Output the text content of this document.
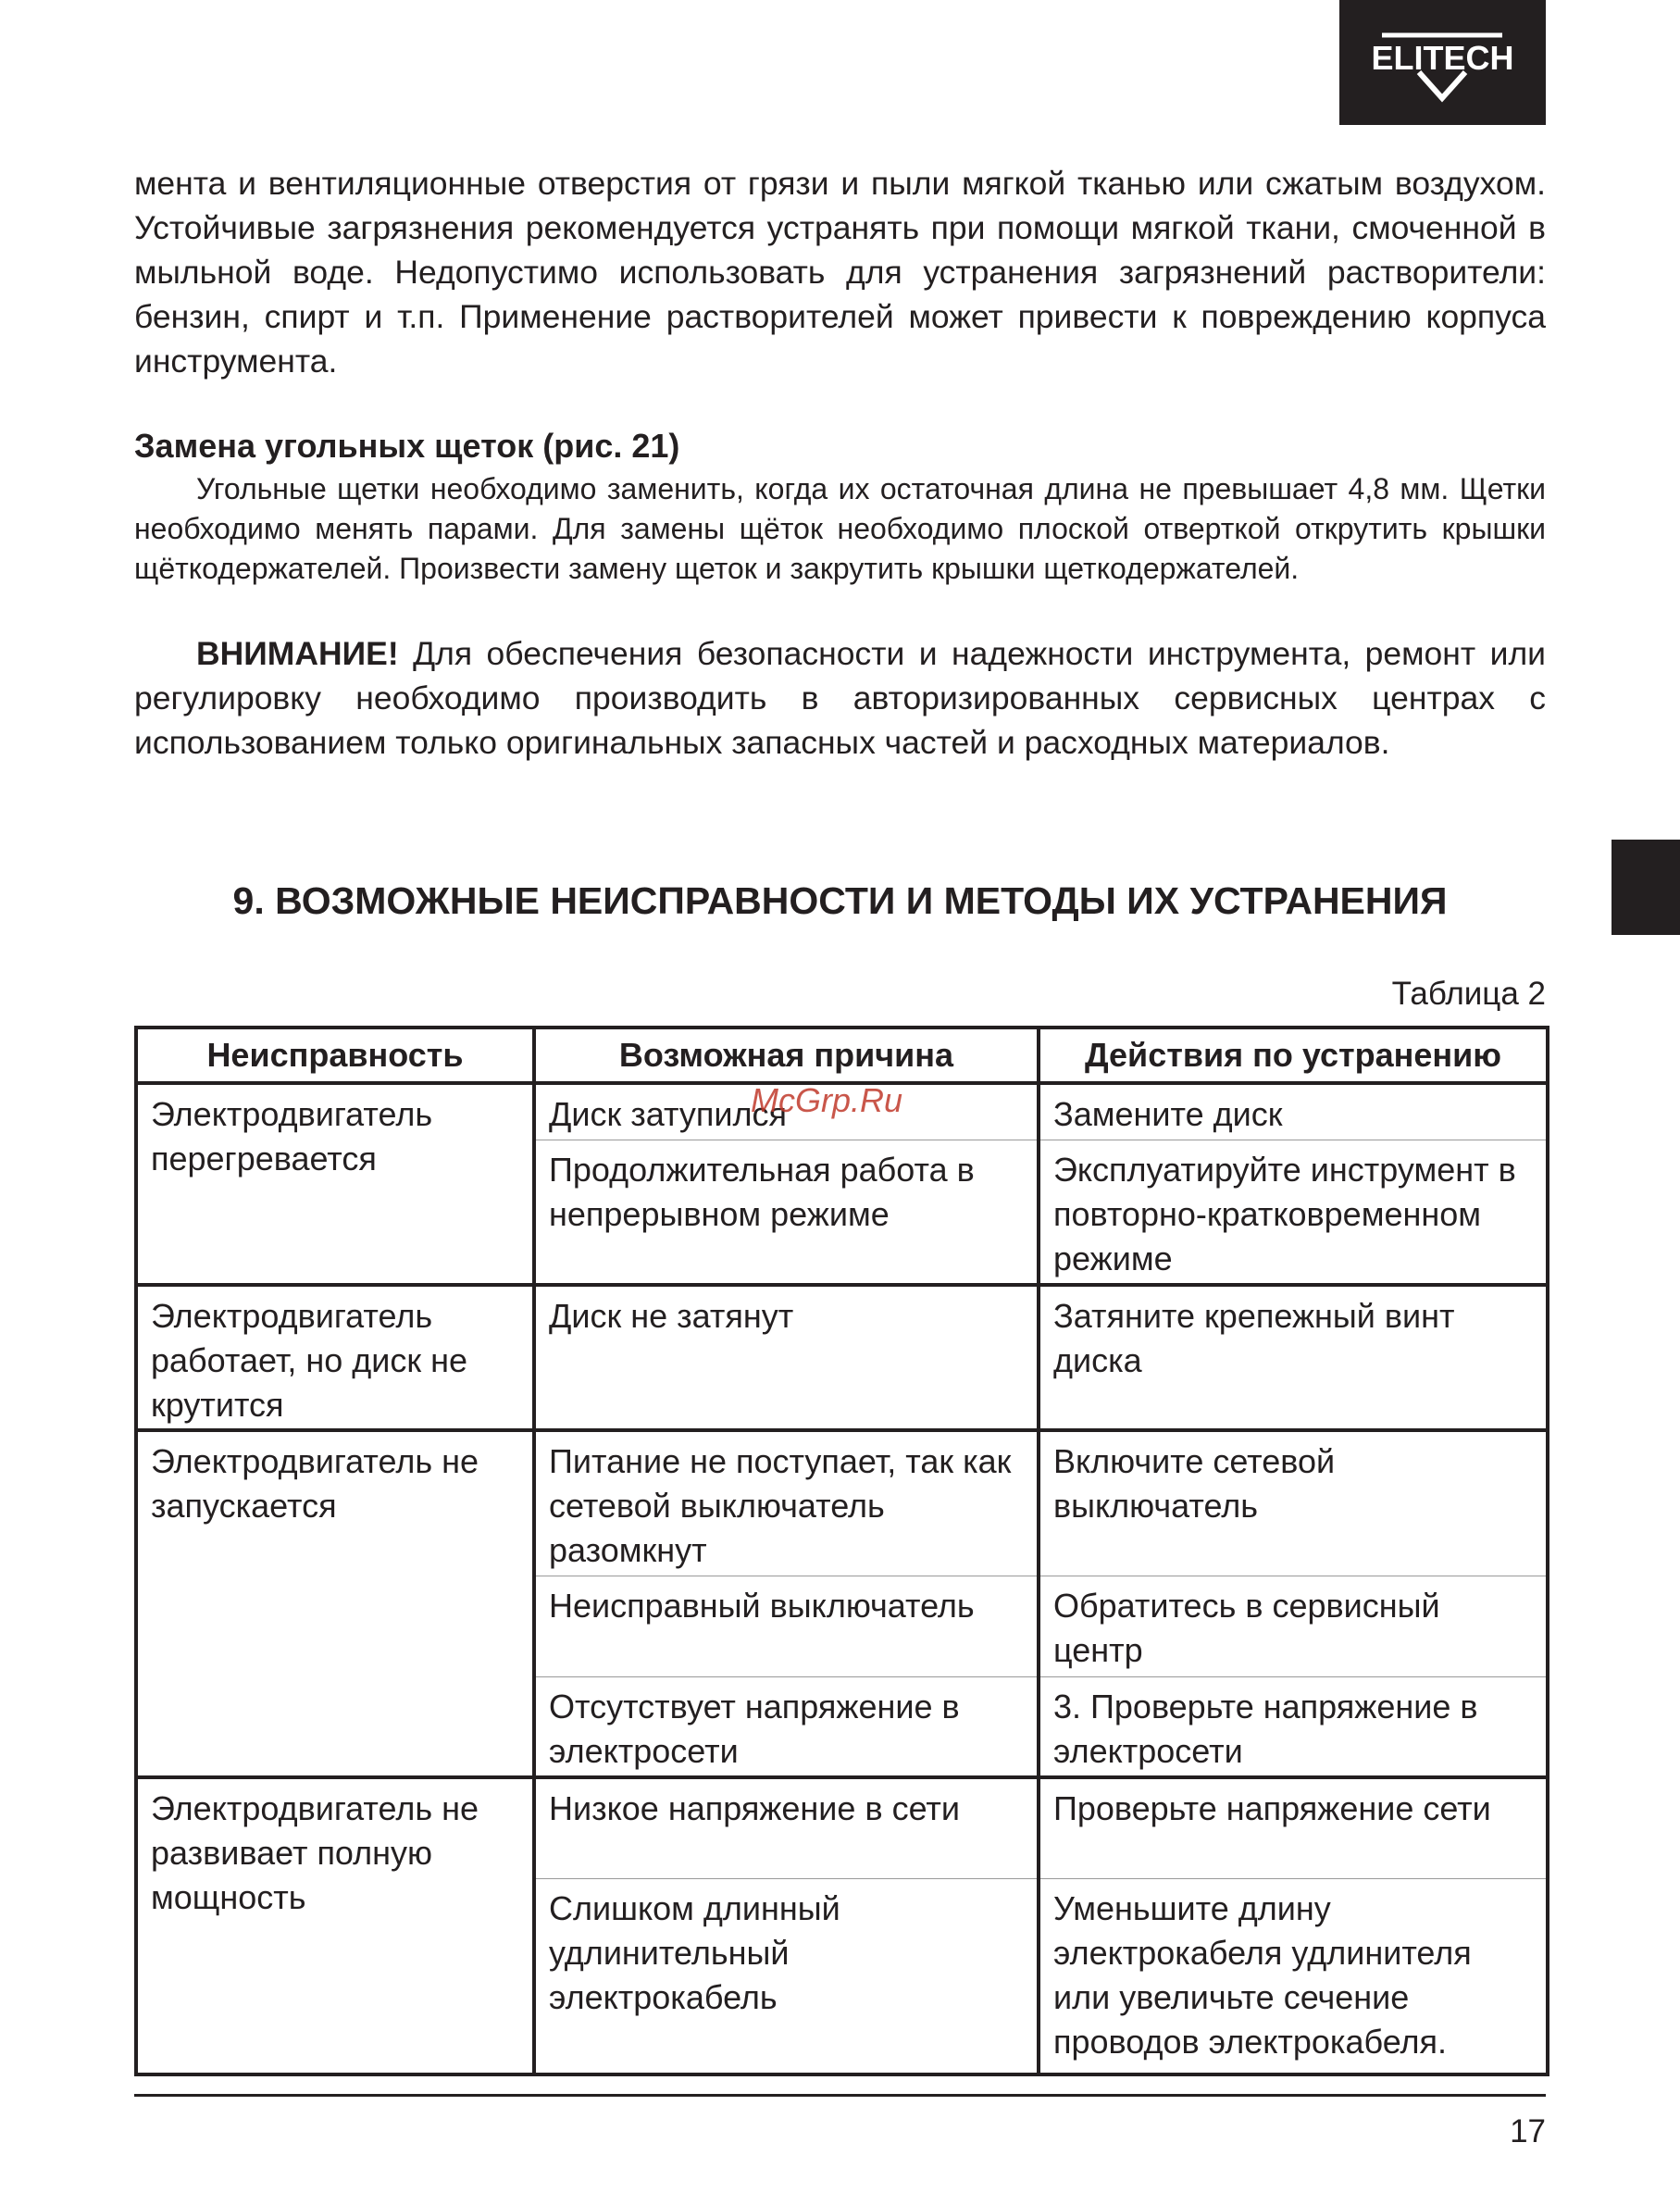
ELITECH
мента и вентиляционные отверстия от грязи и пыли мягкой тканью или сжатым воздухом. Устойчивые загрязнения рекомендуется устранять при помощи мягкой ткани, смоченной в мыльной воде. Недопустимо использовать для устранения загрязнений растворители: бензин, спирт и т.п. Применение растворителей может привести к повреждению корпуса инструмента.
Замена угольных щеток (рис. 21)
Угольные щетки необходимо заменить, когда их остаточная длина не превышает 4,8 мм. Щетки необходимо менять парами. Для замены щёток необходимо плоской отверткой открутить крышки щёткодержателей. Произвести замену щеток и закрутить крышки щеткодержателей.
ВНИМАНИЕ! Для обеспечения безопасности и надежности инструмента, ремонт или регулировку необходимо производить в авторизированных сервисных центрах с использованием только оригинальных запасных частей и расходных материалов.
9. ВОЗМОЖНЫЕ НЕИСПРАВНОСТИ И МЕТОДЫ ИХ УСТРАНЕНИЯ
Таблица 2
Неисправность	Возможная причина	Действия по устранению
Электродвигатель перегревается	Диск затупился	Замените диск
	Продолжительная работа в непрерывном режиме	Эксплуатируйте инструмент в повторно-кратковременном режиме
Электродвигатель работает, но диск не крутится	Диск не затянут	Затяните крепежный винт диска
Электродвигатель не запускается	Питание не поступает, так как сетевой выключатель разомкнут	Включите сетевой выключатель
	Неисправный выключатель	Обратитесь в сервисный центр
	Отсутствует напряжение в электросети	3. Проверьте напряжение в электросети
Электродвигатель не развивает полную мощность	Низкое напряжение в сети	Проверьте напряжение сети
	Слишком длинный удлинительный электрокабель	Уменьшите длину электрокабеля удлинителя или увеличьте сечение проводов электрокабеля.
McGrp.Ru
17
